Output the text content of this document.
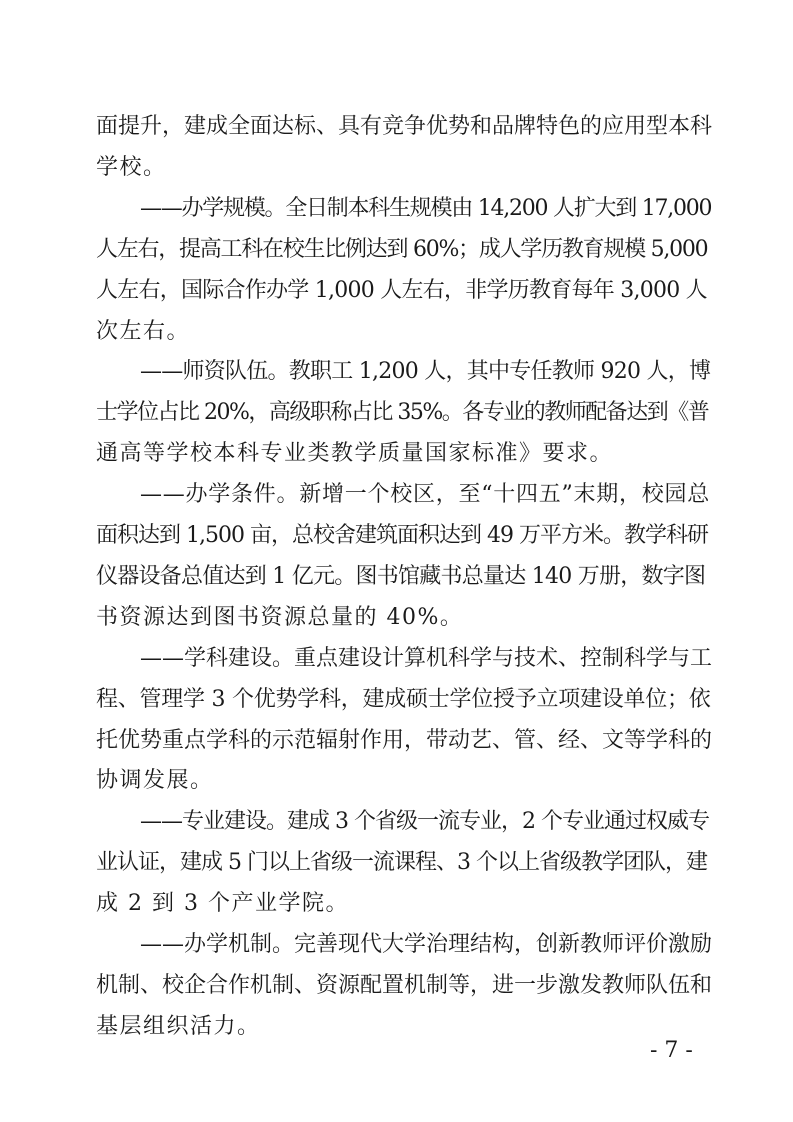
面提升，建成全面达标、具有竞争优势和品牌特色的应用型本科
学校。
——办学规模。全日制本科生规模由 14,200 人扩大到 17,000
人左右，提高工科在校生比例达到 60%；成人学历教育规模 5,000
人左右，国际合作办学 1,000 人左右，非学历教育每年 3,000 人
次左右。
——师资队伍。教职工 1,200 人，其中专任教师 920 人，博
士学位占比 20%，高级职称占比 35%。各专业的教师配备达到《普
通高等学校本科专业类教学质量国家标准》要求。
——办学条件。新增一个校区，至“十四五”末期，校园总
面积达到 1,500 亩，总校舍建筑面积达到 49 万平方米。教学科研
仪器设备总值达到 1 亿元。图书馆藏书总量达 140 万册，数字图
书资源达到图书资源总量的 40%。
——学科建设。重点建设计算机科学与技术、控制科学与工
程、管理学 3 个优势学科，建成硕士学位授予立项建设单位；依
托优势重点学科的示范辐射作用，带动艺、管、经、文等学科的
协调发展。
——专业建设。建成 3 个省级一流专业，2 个专业通过权威专
业认证，建成 5 门以上省级一流课程、3 个以上省级教学团队，建
成 2 到 3 个产业学院。
——办学机制。完善现代大学治理结构，创新教师评价激励
机制、校企合作机制、资源配置机制等，进一步激发教师队伍和
基层组织活力。
- 7 -
